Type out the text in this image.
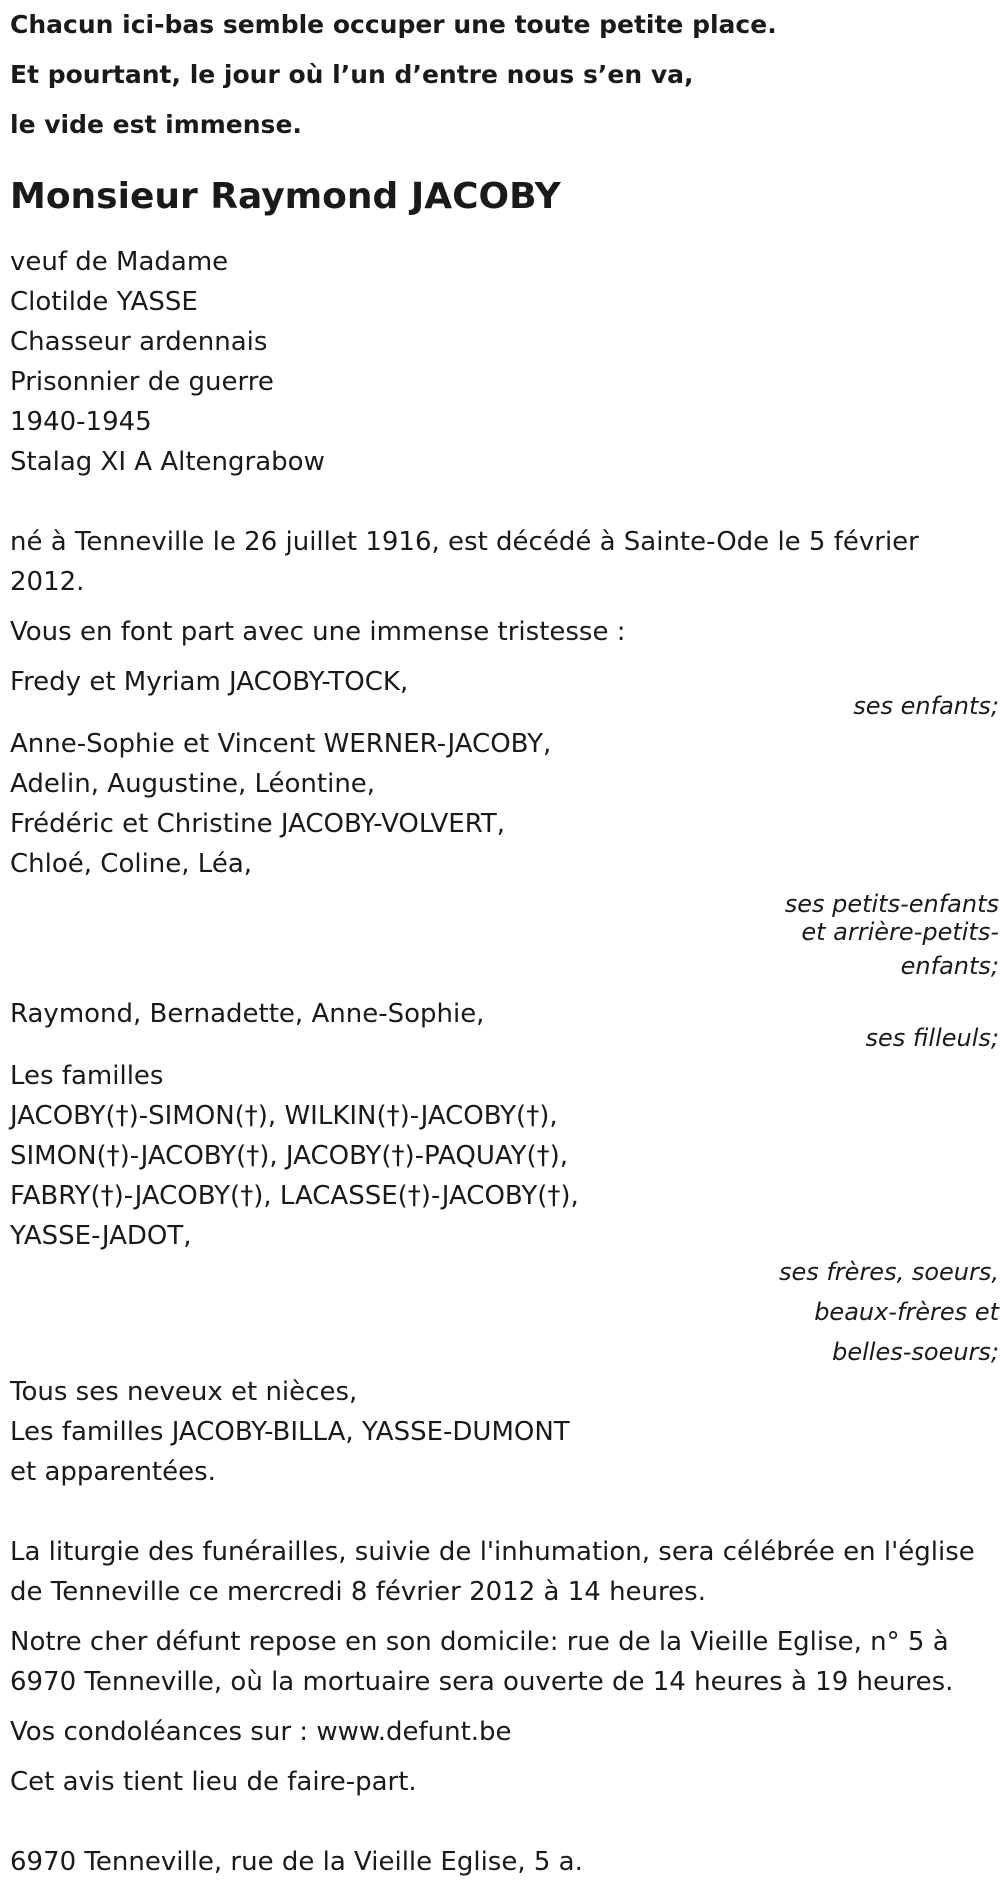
Chacun ici-bas semble occuper une toute petite place.
Et pourtant, le jour où l’un d’entre nous s’en va,
le vide est immense.
Monsieur Raymond JACOBY
veuf de Madame
Clotilde YASSE
Chasseur ardennais
Prisonnier de guerre
1940-1945
Stalag XI A Altengrabow
né à Tenneville le 26 juillet 1916, est décédé à Sainte-Ode le 5 février 2012.
Vous en font part avec une immense tristesse :
Fredy et Myriam JACOBY-TOCK,
ses enfants;
Anne-Sophie et Vincent WERNER-JACOBY,
Adelin, Augustine, Léontine,
Frédéric et Christine JACOBY-VOLVERT,
Chloé, Coline, Léa,
ses petits-enfants
et arrière-petits-
enfants;
Raymond, Bernadette, Anne-Sophie,
ses filleuls;
Les familles
JACOBY(†)-SIMON(†), WILKIN(†)-JACOBY(†),
SIMON(†)-JACOBY(†), JACOBY(†)-PAQUAY(†),
FABRY(†)-JACOBY(†), LACASSE(†)-JACOBY(†),
YASSE-JADOT,
ses frères, soeurs,
beaux-frères et
belles-soeurs;
Tous ses neveux et nièces,
Les familles JACOBY-BILLA, YASSE-DUMONT
et apparentées.
La liturgie des funérailles, suivie de l'inhumation, sera célébrée en l'église de Tenneville ce mercredi 8 février 2012 à 14 heures.
Notre cher défunt repose en son domicile: rue de la Vieille Eglise, n° 5 à 6970 Tenneville, où la mortuaire sera ouverte de 14 heures à 19 heures.
Vos condoléances sur : www.defunt.be
Cet avis tient lieu de faire-part.
6970 Tenneville, rue de la Vieille Eglise, 5 a.
